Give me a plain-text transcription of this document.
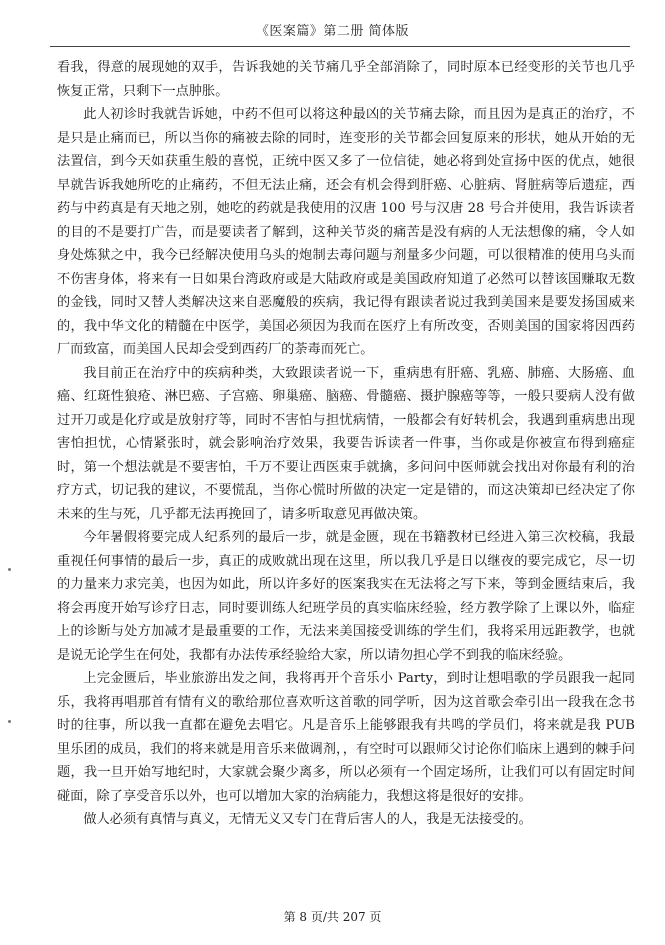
《医案篇》第二册 简体版

看我，得意的展现她的双手，告诉我她的关节痛几乎全部消除了，同时原本已经变形的关节也几乎恢复正常，只剩下一点肿胀。

此人初诊时我就告诉她，中药不但可以将这种最凶的关节痛去除，而且因为是真正的治疗，不是只是止痛而已，所以当你的痛被去除的同时，连变形的关节都会回复原来的形状，她从开始的无法置信，到今天如获重生般的喜悦，正统中医又多了一位信徒，她必将到处宣扬中医的优点，她很早就告诉我她所吃的止痛药，不但无法止痛，还会有机会得到肝癌、心脏病、肾脏病等后遗症，西药与中药真是有天地之别，她吃的药就是我使用的汉唐 100 号与汉唐 28 号合并使用，我告诉读者的目的不是要打广告，而是要读者了解到，这种关节炎的痛苦是没有病的人无法想像的痛，令人如身处炼狱之中，我今已经解决使用乌头的炮制去毒问题与剂量多少问题，可以很精准的使用乌头而不伤害身体，将来有一日如果台湾政府或是大陆政府或是美国政府知道了必然可以替该国赚取无数的金钱，同时又替人类解决这来自恶魔般的疾病，我记得有跟读者说过我到美国来是要发扬国威来的，我中华文化的精髓在中医学，美国必须因为我而在医疗上有所改变，否则美国的国家将因西药厂而致富，而美国人民却会受到西药厂的荼毒而死亡。

我目前正在治疗中的疾病种类，大致跟读者说一下，重病患有肝癌、乳癌、肺癌、大肠癌、血癌、红斑性狼疮、淋巴癌、子宫癌、卵巢癌、脑癌、骨髓癌、摄护腺癌等等，一般只要病人没有做过开刀或是化疗或是放射疗等，同时不害怕与担忧病情，一般都会有好转机会，我遇到重病患出现害怕担忧，心情紧张时，就会影响治疗效果，我要告诉读者一件事，当你或是你被宣布得到癌症时，第一个想法就是不要害怕，千万不要让西医束手就擒，多问问中医师就会找出对你最有利的治疗方式，切记我的建议，不要慌乱，当你心慌时所做的决定一定是错的，而这决策却已经决定了你未来的生与死，几乎都无法再挽回了，请多听取意见再做决策。

今年暑假将要完成人纪系列的最后一步，就是金匮，现在书籍教材已经进入第三次校稿，我最重视任何事情的最后一步，真正的成败就出现在这里，所以我几乎是日以继夜的要完成它，尽一切的力量来力求完美，也因为如此，所以许多好的医案我实在无法将之写下来，等到金匮结束后，我将会再度开始写诊疗日志，同时要训练人纪班学员的真实临床经验，经方教学除了上课以外，临症上的诊断与处方加减才是最重要的工作，无法来美国接受训练的学生们，我将采用远距教学，也就是说无论学生在何处，我都有办法传承经验给大家，所以请勿担心学不到我的临床经验。

上完金匮后，毕业旅游出发之间，我将再开个音乐小 Party，到时让想唱歌的学员跟我一起同乐，我将再唱那首有情有义的歌给那位喜欢听这首歌的同学听，因为这首歌会牵引出一段我在念书时的往事，所以我一直都在避免去唱它。凡是音乐上能够跟我有共鸣的学员们，将来就是我 PUB 里乐团的成员，我们的将来就是用音乐来做调剂，，有空时可以跟师父讨论你们临床上遇到的棘手问题，我一旦开始写地纪时，大家就会聚少离多，所以必须有一个固定场所，让我们可以有固定时间碰面，除了享受音乐以外，也可以增加大家的治病能力，我想这将是很好的安排。

做人必须有真情与真义，无情无义又专门在背后害人的人，我是无法接受的。

第 8 页/共 207 页
